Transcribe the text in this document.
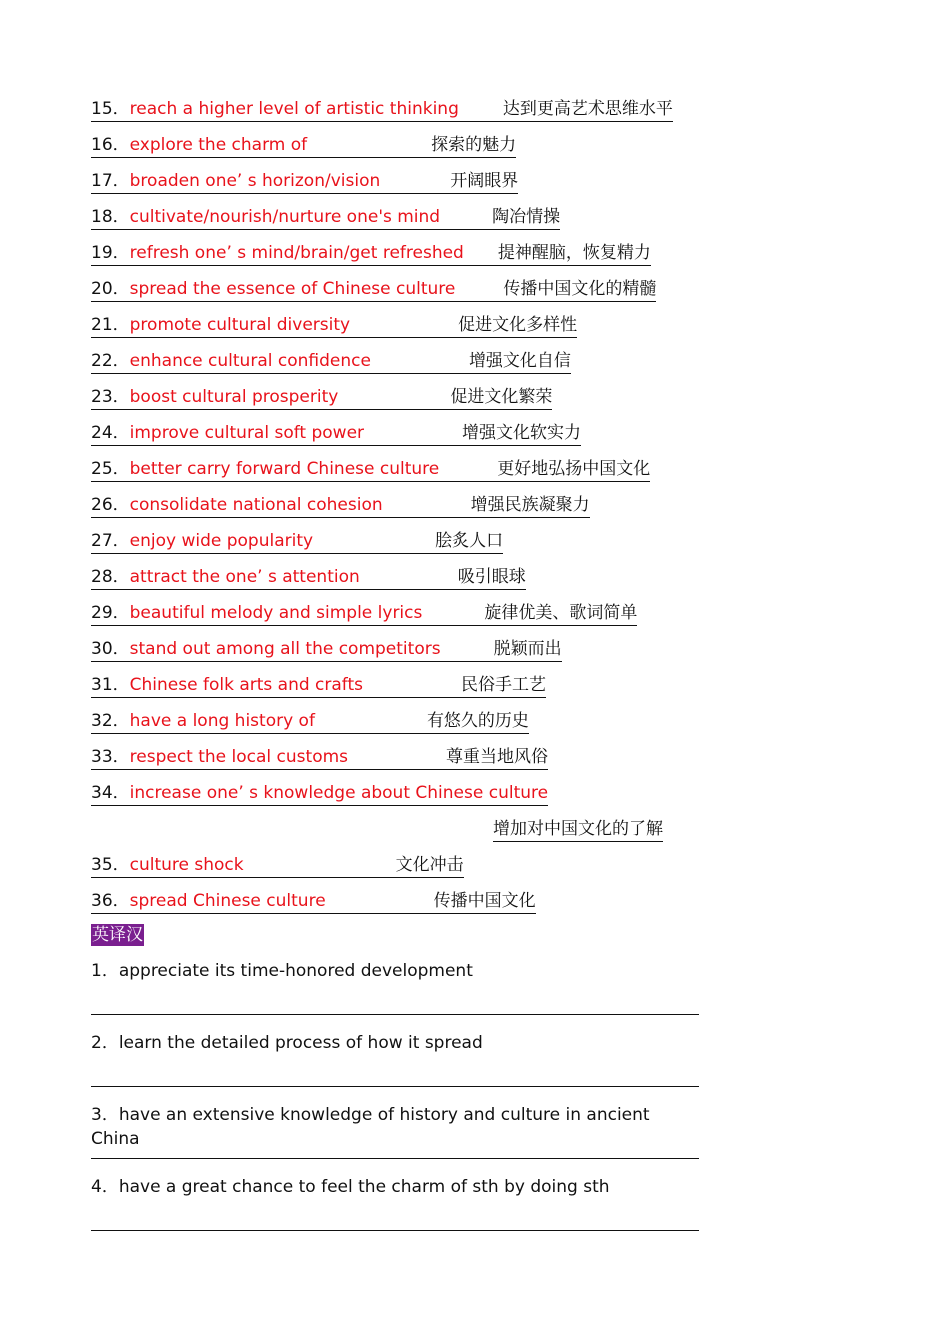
15．reach a higher level of artistic thinking	达到更高艺术思维水平
16．explore the charm of	探索的魅力
17．broaden one’ s horizon/vision	开阔眼界
18．cultivate/nourish/nurture one's mind	陶冶情操
19．refresh one’ s mind/brain/get refreshed 提神醒脑，恢复精力
20．spread the essence of Chinese culture	传播中国文化的精髓
21．promote cultural diversity	促进文化多样性
22．enhance cultural confidence	增强文化自信
23．boost cultural prosperity	促进文化繁荣
24．improve cultural soft power	增强文化软实力
25．better carry forward Chinese culture	更好地弘扬中国文化
26．consolidate national cohesion	增强民族凝聚力
27．enjoy wide popularity	脍炙人口
28．attract the one’ s attention	吸引眼球
29．beautiful melody and simple lyrics	旋律优美、歌词简单
30．stand out among all the competitors	脱颖而出
31．Chinese folk arts and crafts	民俗手工艺
32．have a long history of	有悠久的历史
33．respect the local customs	尊重当地风俗
34．increase one’ s knowledge about Chinese culture
增加对中国文化的了解
35．culture shock	文化冲击
36．spread Chinese culture	传播中国文化
英译汉
1．appreciate its time-honored development
2．learn the detailed process of how it spread
3．have an extensive knowledge of history and culture in ancient China
4．have a great chance to feel the charm of sth by doing sth
